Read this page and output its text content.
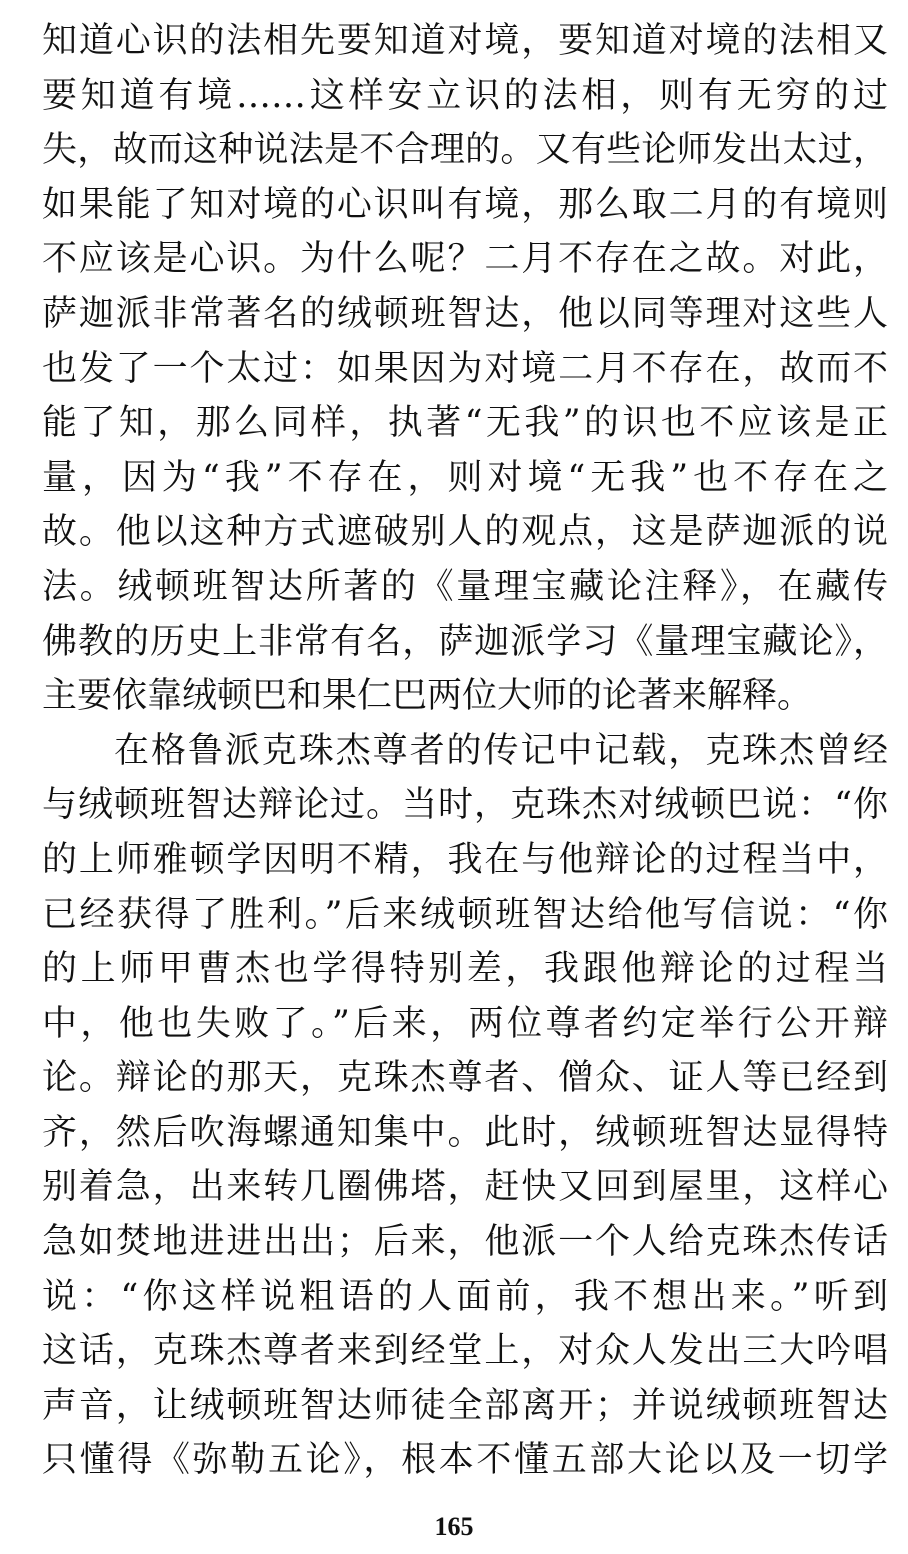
知道心识的法相先要知道对境，要知道对境的法相又
要知道有境……这样安立识的法相，则有无穷的过
失，故而这种说法是不合理的。又有些论师发出太过，
如果能了知对境的心识叫有境，那么取二月的有境则
不应该是心识。为什么呢？二月不存在之故。对此，
萨迦派非常著名的绒顿班智达，他以同等理对这些人
也发了一个太过：如果因为对境二月不存在，故而不
能了知，那么同样，执著“无我”的识也不应该是正
量，因为“我”不存在，则对境“无我”也不存在之
故。他以这种方式遮破别人的观点，这是萨迦派的说
法。绒顿班智达所著的《量理宝藏论注释》，在藏传
佛教的历史上非常有名，萨迦派学习《量理宝藏论》，
主要依靠绒顿巴和果仁巴两位大师的论著来解释。
在格鲁派克珠杰尊者的传记中记载，克珠杰曾经
与绒顿班智达辩论过。当时，克珠杰对绒顿巴说：“你
的上师雅顿学因明不精，我在与他辩论的过程当中，
已经获得了胜利。”后来绒顿班智达给他写信说：“你
的上师甲曹杰也学得特别差，我跟他辩论的过程当
中，他也失败了。”后来，两位尊者约定举行公开辩
论。辩论的那天，克珠杰尊者、僧众、证人等已经到
齐，然后吹海螺通知集中。此时，绒顿班智达显得特
别着急，出来转几圈佛塔，赶快又回到屋里，这样心
急如焚地进进出出；后来，他派一个人给克珠杰传话
说：“你这样说粗语的人面前，我不想出来。”听到
这话，克珠杰尊者来到经堂上，对众人发出三大吟唱
声音，让绒顿班智达师徒全部离开；并说绒顿班智达
只懂得《弥勒五论》，根本不懂五部大论以及一切学
165
